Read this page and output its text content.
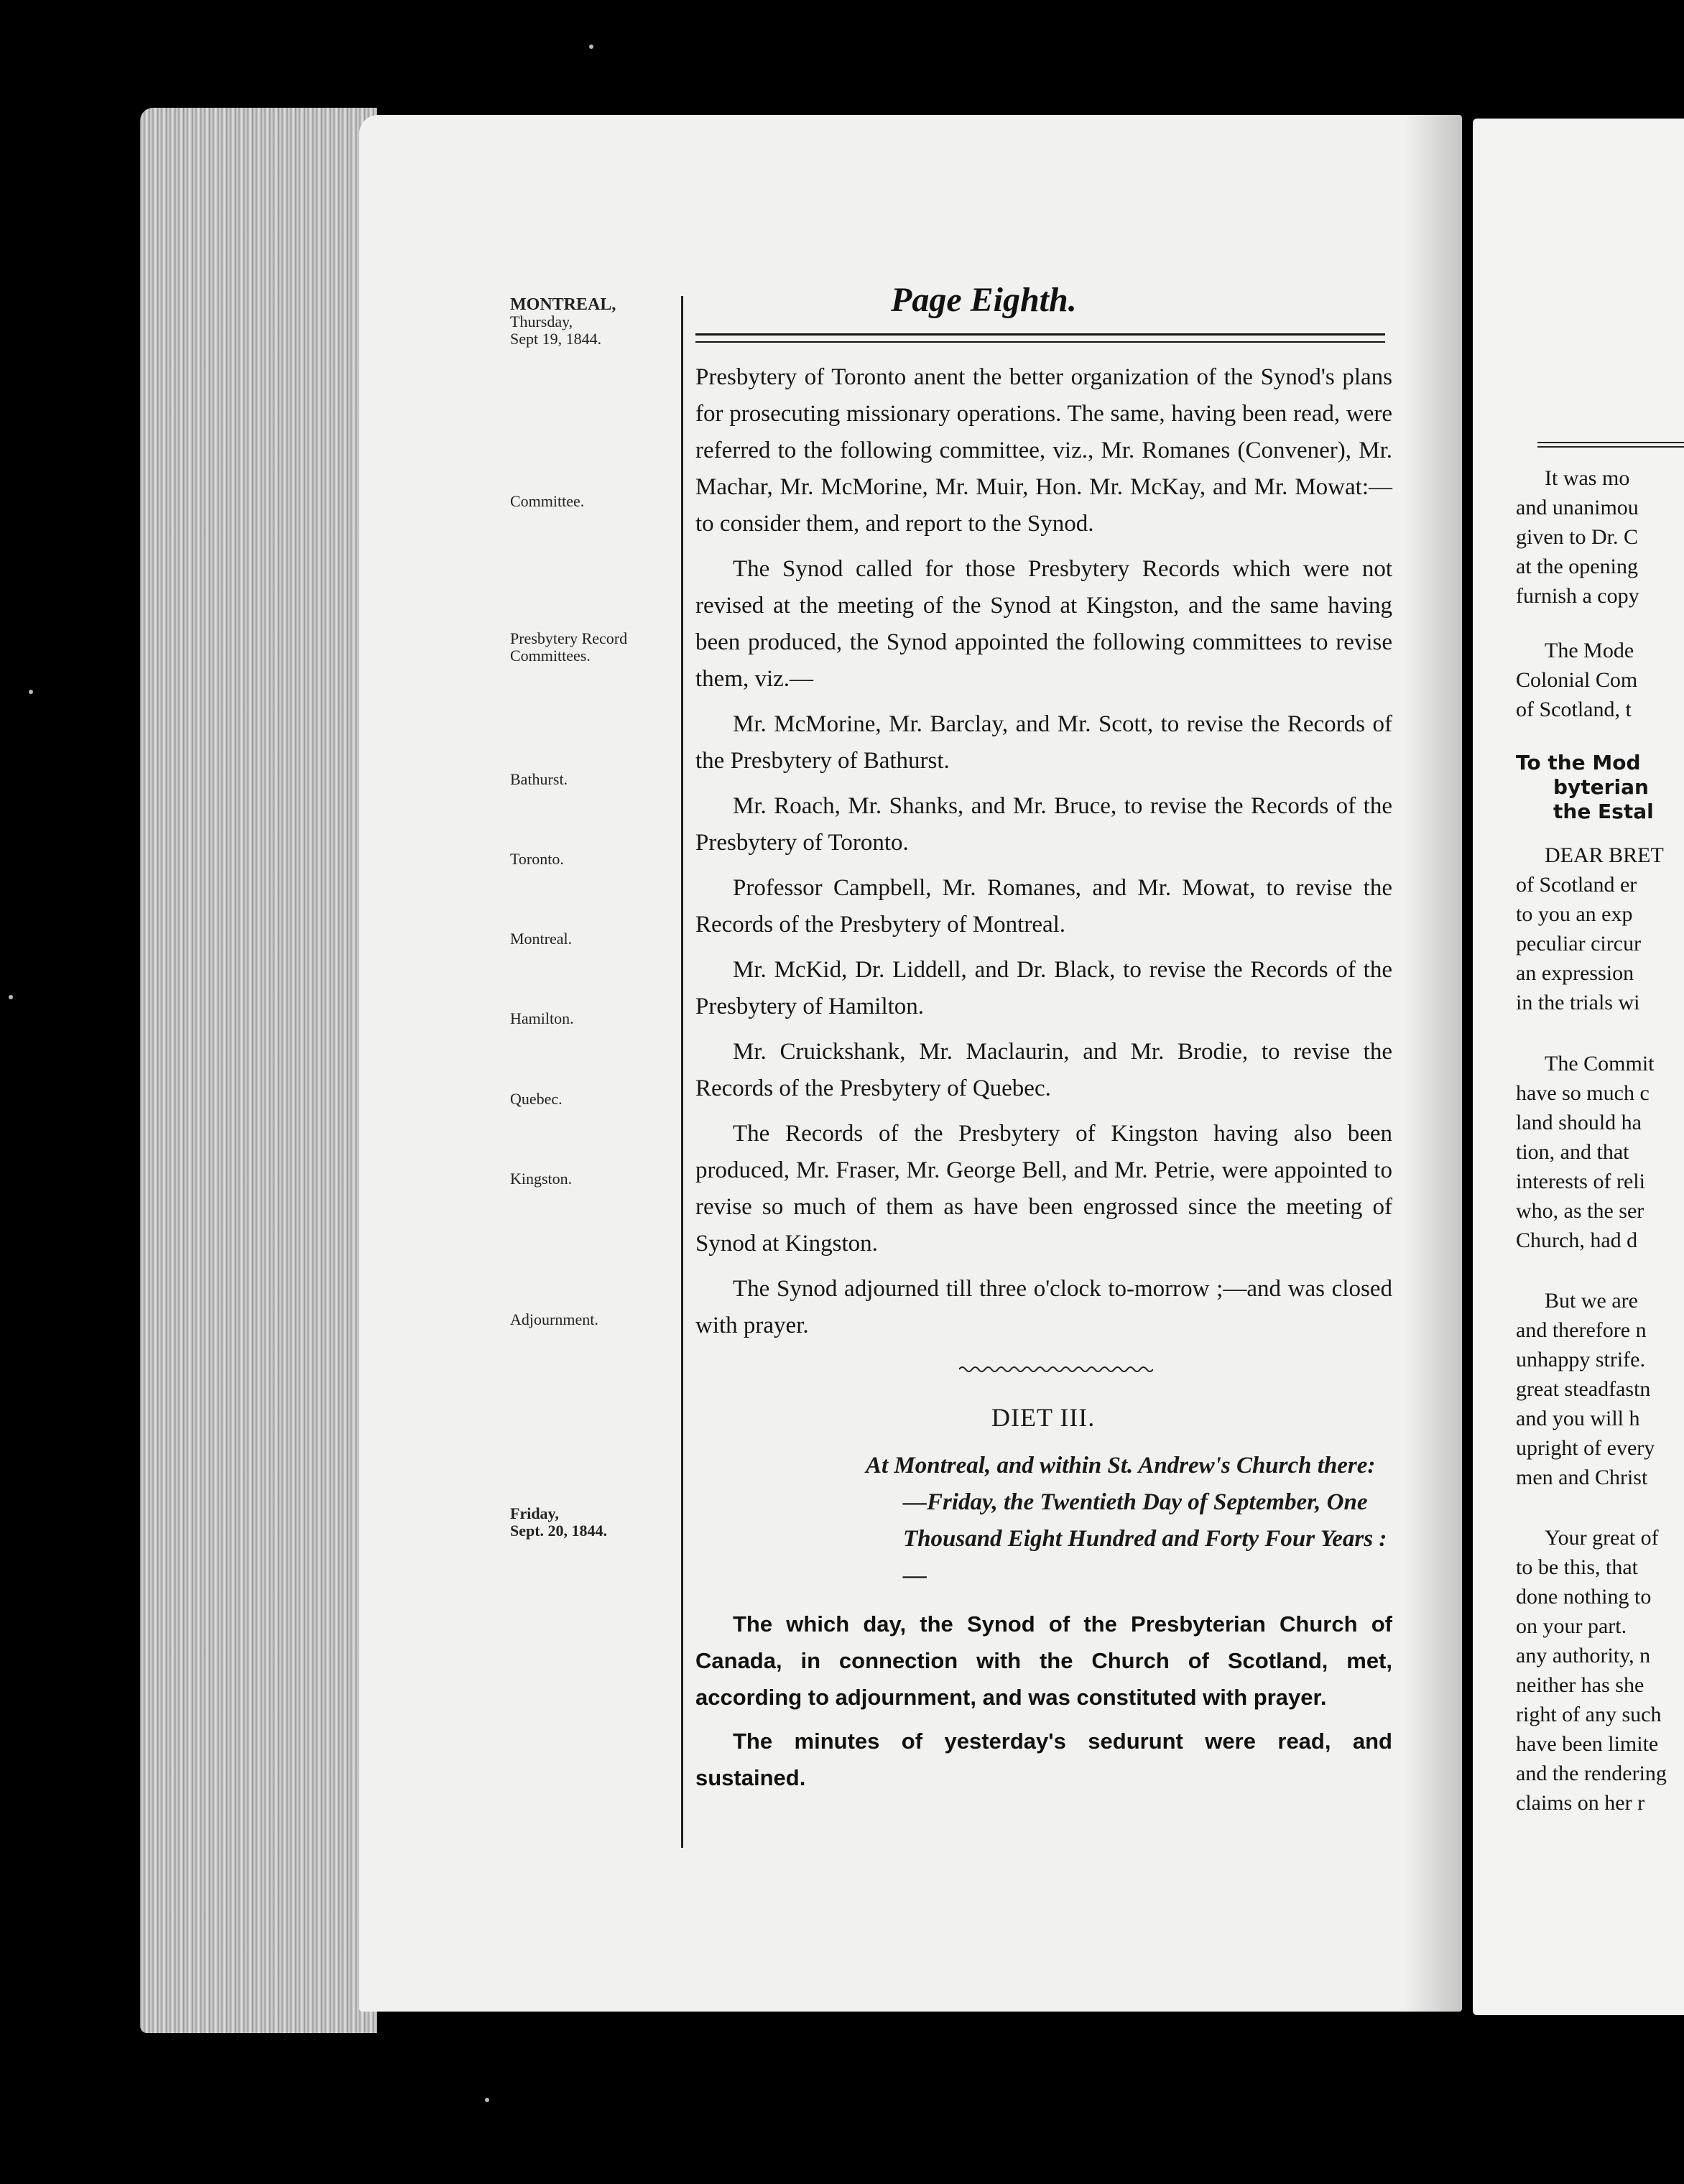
MONTREAL,
Thursday,
Sept 19, 1844.
Committee.
Presbytery Record
Committees.
Bathurst.
Toronto.
Montreal.
Hamilton.
Quebec.
Kingston.
Adjournment.
Friday,
Sept. 20, 1844.
Page Eighth.

Presbytery of Toronto anent the better organization of the Synod's plans for prosecuting missionary operations. The same, having been read, were referred to the following committee, viz., Mr. Romanes (Convener), Mr. Machar, Mr. McMorine, Mr. Muir, Hon. Mr. McKay, and Mr. Mowat:—to consider them, and report to the Synod.

The Synod called for those Presbytery Records which were not revised at the meeting of the Synod at Kingston, and the same having been produced, the Synod appointed the following committees to revise them, viz.—

Mr. McMorine, Mr. Barclay, and Mr. Scott, to revise the Records of the Presbytery of Bathurst.

Mr. Roach, Mr. Shanks, and Mr. Bruce, to revise the Records of the Presbytery of Toronto.

Professor Campbell, Mr. Romanes, and Mr. Mowat, to revise the Records of the Presbytery of Montreal.

Mr. McKid, Dr. Liddell, and Dr. Black, to revise the Records of the Presbytery of Hamilton.

Mr. Cruickshank, Mr. Maclaurin, and Mr. Brodie, to revise the Records of the Presbytery of Quebec.

The Records of the Presbytery of Kingston having also been produced, Mr. Fraser, Mr. George Bell, and Mr. Petrie, were appointed to revise so much of them as have been engrossed since the meeting of Synod at Kingston.

The Synod adjourned till three o'clock to-morrow ;—and was closed with prayer.

DIET III.
At Montreal, and within St. Andrew's Church there:—Friday, the Twentieth Day of September, One Thousand Eight Hundred and Forty Four Years :—

The which day, the Synod of the Presbyterian Church of Canada, in connection with the Church of Scotland, met, according to adjournment, and was constituted with prayer.

The minutes of yesterday's sedurunt were read, and sustained.

It was mo
and unanimou
given to Dr. C
at the opening
furnish a copy
The Mode
Colonial Com
of Scotland, t
To the Mod
byterian
the Estal
DEAR BRET
of Scotland er
to you an exp
peculiar circur
an expression
in the trials wi
The Commit
have so much c
land should ha
tion, and that
interests of reli
who, as the ser
Church, had d
But we are
and therefore n
unhappy strife.
great steadfastn
and you will h
upright of every
men and Christ
Your great of
to be this, that
done nothing to
on your part.
any authority, n
neither has she
right of any such
have been limite
and the rendering
claims on her r
